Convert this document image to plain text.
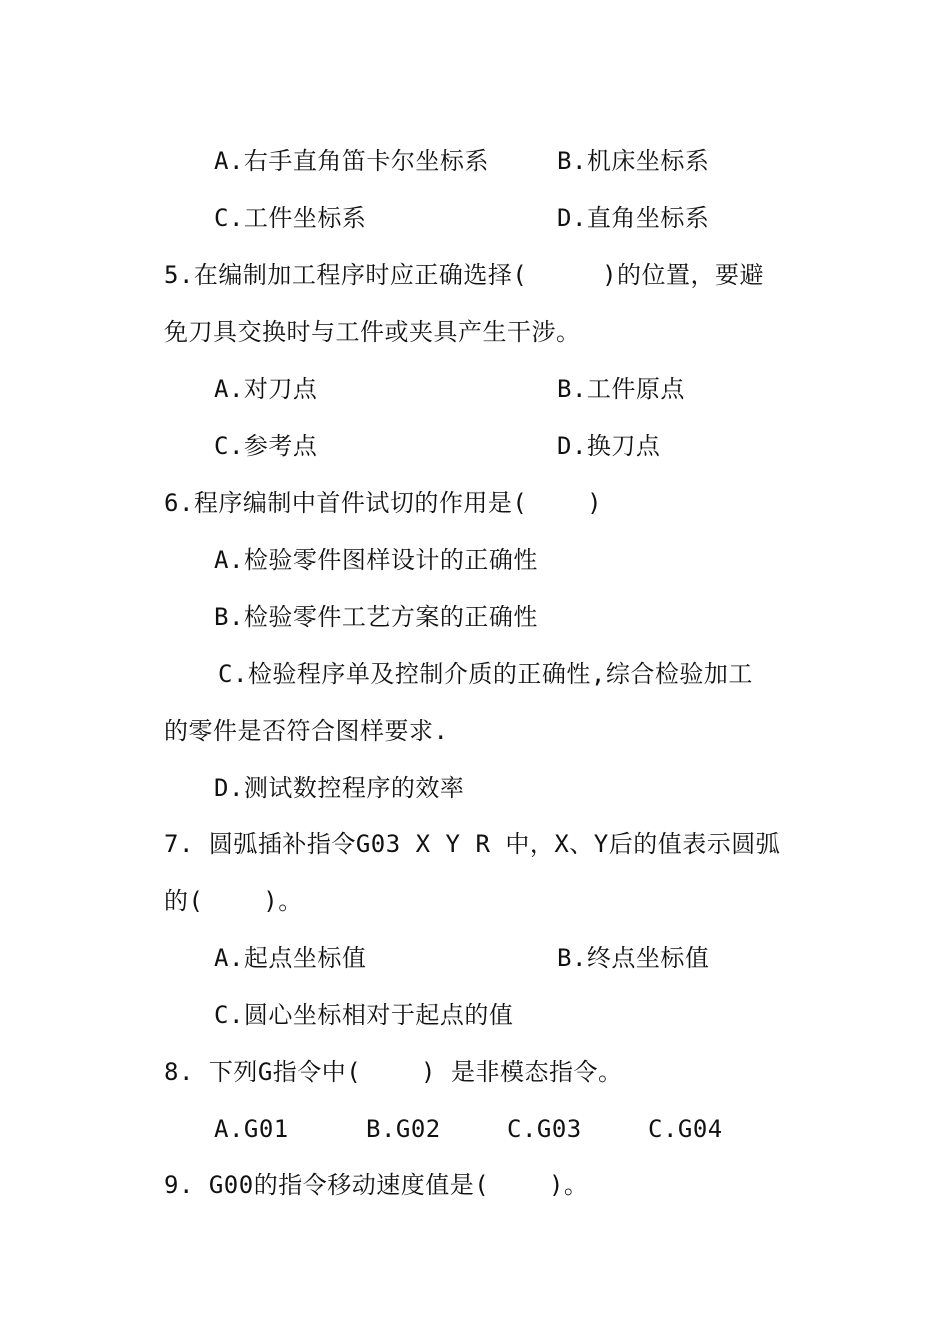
A.右手直角笛卡尔坐标系	B.机床坐标系
C.工件坐标系	D.直角坐标系
5.在编制加工程序时应正确选择(     )的位置，要避
免刀具交换时与工件或夹具产生干涉。
A.对刀点	B.工件原点
C.参考点	D.换刀点
6.程序编制中首件试切的作用是(    )
A.检验零件图样设计的正确性
B.检验零件工艺方案的正确性
C.检验程序单及控制介质的正确性,综合检验加工
的零件是否符合图样要求.
D.测试数控程序的效率
7. 圆弧插补指令G03 X Y R 中，X、Y后的值表示圆弧
的(    )。
A.起点坐标值	B.终点坐标值
C.圆心坐标相对于起点的值
8. 下列G指令中(    ) 是非模态指令。
A.G01	B.G02	C.G03	C.G04
9. G00的指令移动速度值是(    )。
